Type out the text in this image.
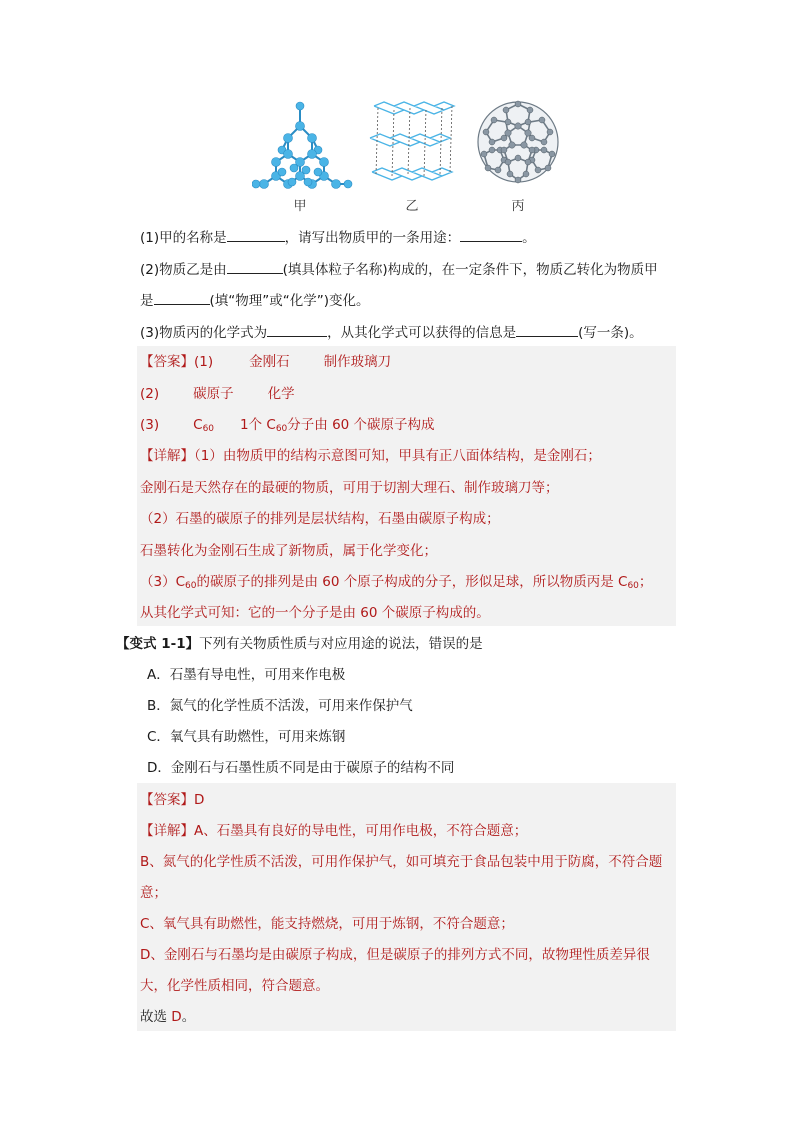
甲	乙	丙
(1)甲的名称是	，请写出物质甲的一条用途：	。
(2)物质乙是由	(填具体粒子名称)构成的，在一定条件下，物质乙转化为物质甲
是	(填“物理”或“化学”)变化。
(3)物质丙的化学式为	，从其化学式可以获得的信息是	(写一条)。
【答案】(1)	金刚石	制作玻璃刀
(2)	碳原子	化学
(3)	$C_{60}$ 1个 $C_{60}$分子由 60 个碳原子构成
【详解】（1）由物质甲的结构示意图可知，甲具有正八面体结构，是金刚石；
金刚石是天然存在的最硬的物质，可用于切割大理石、制作玻璃刀等；
（2）石墨的碳原子的排列是层状结构，石墨由碳原子构成；
石墨转化为金刚石生成了新物质，属于化学变化；
$(3)C_{60}$的碳原子的排列是由 60 个原子构成的分子，形似足球，所以物质丙是 $C_{60}$；
从其化学式可知：它的一个分子是由 60 个碳原子构成的。
【变式 1-1】下列有关物质性质与对应用途的说法，错误的是
A．石墨有导电性，可用来作电极
B．氮气的化学性质不活泼，可用来作保护气
C．氧气具有助燃性，可用来炼钢
D．金刚石与石墨性质不同是由于碳原子的结构不同
【答案】D
【详解】A、石墨具有良好的导电性，可用作电极，不符合题意；
B、氮气的化学性质不活泼，可用作保护气，如可填充于食品包装中用于防腐，不符合题
意；
C、氧气具有助燃性，能支持燃烧，可用于炼钢，不符合题意；
D、金刚石与石墨均是由碳原子构成，但是碳原子的排列方式不同，故物理性质差异很
大，化学性质相同，符合题意。
故选 D。
